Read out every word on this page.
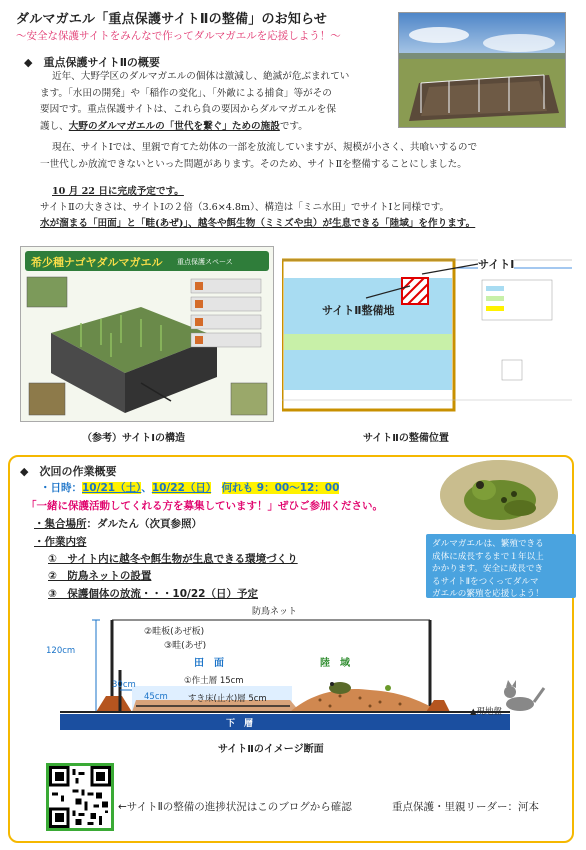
ダルマガエル「重点保護サイトⅡの整備」のお知らせ
～安全な保護サイトをみんなで作ってダルマガエルを応援しよう！～
◆　重点保護サイトⅡの概要

近年、大野学区のダルマガエルの個体は激減し、絶滅が危ぶまれてい

ます。「水田の開発」や「稲作の変化」、「外敵による捕食」等がその

要因です。重点保護サイトは、これら負の要因からダルマガエルを保

護し、大野のダルマガエルの「世代を繋ぐ」ための施設です。

現在、サイトⅠでは、里親で育てた幼体の一部を放流していますが、規模が小さく、共喰いするので

一世代しか放流できないといった問題があります。そのため、サイトⅡを整備することにしました。

10 月 22 日に完成予定です。
サイトⅡの大きさは、サイトⅠの２倍（3.6×4.8m）、構造は「ミニ水田」でサイトⅠと同様です。
水が溜まる「田面」と「畦(あぜ)」、越冬や餌生物（ミミズや虫）が生息できる「陸域」を作ります。
希少種ナゴヤダルマガエル 重点保護スペース
（参考）サイトⅠの構造
サイトⅠ
サイトⅡ整備地
サイトⅡの整備位置
◆　次回の作業概要
・日時：10/21（土）、10/22（日）　 何れも 9：00～12：00
「一緒に保護活動してくれる方を募集しています！」ぜひご参加ください。
・集合場所：ダルたん（次頁参照）
・作業内容
①　サイト内に越冬や餌生物が生息できる環境づくり
②　防鳥ネットの設置
③　保護個体の放流・・・10/22（日）予定
ダルマガエルは、繁殖できる
成体に成長するまで１年以上
かかります。安全に成長でき
るサイトⅡをつくってダルマ
ガエルの繁殖を応援しよう！
防鳥ネット
120cm
30cm
45cm
②畦板(あぜ板)
③畦(あぜ)
田　面	陸　域
①作土層 15cm
すき床(止水)層 5cm
▲現地盤
下　層
サイトⅡのイメージ断面
←サイトⅡの整備の進捗状況はこのブログから確認	重点保護・里親リーダー：河本
